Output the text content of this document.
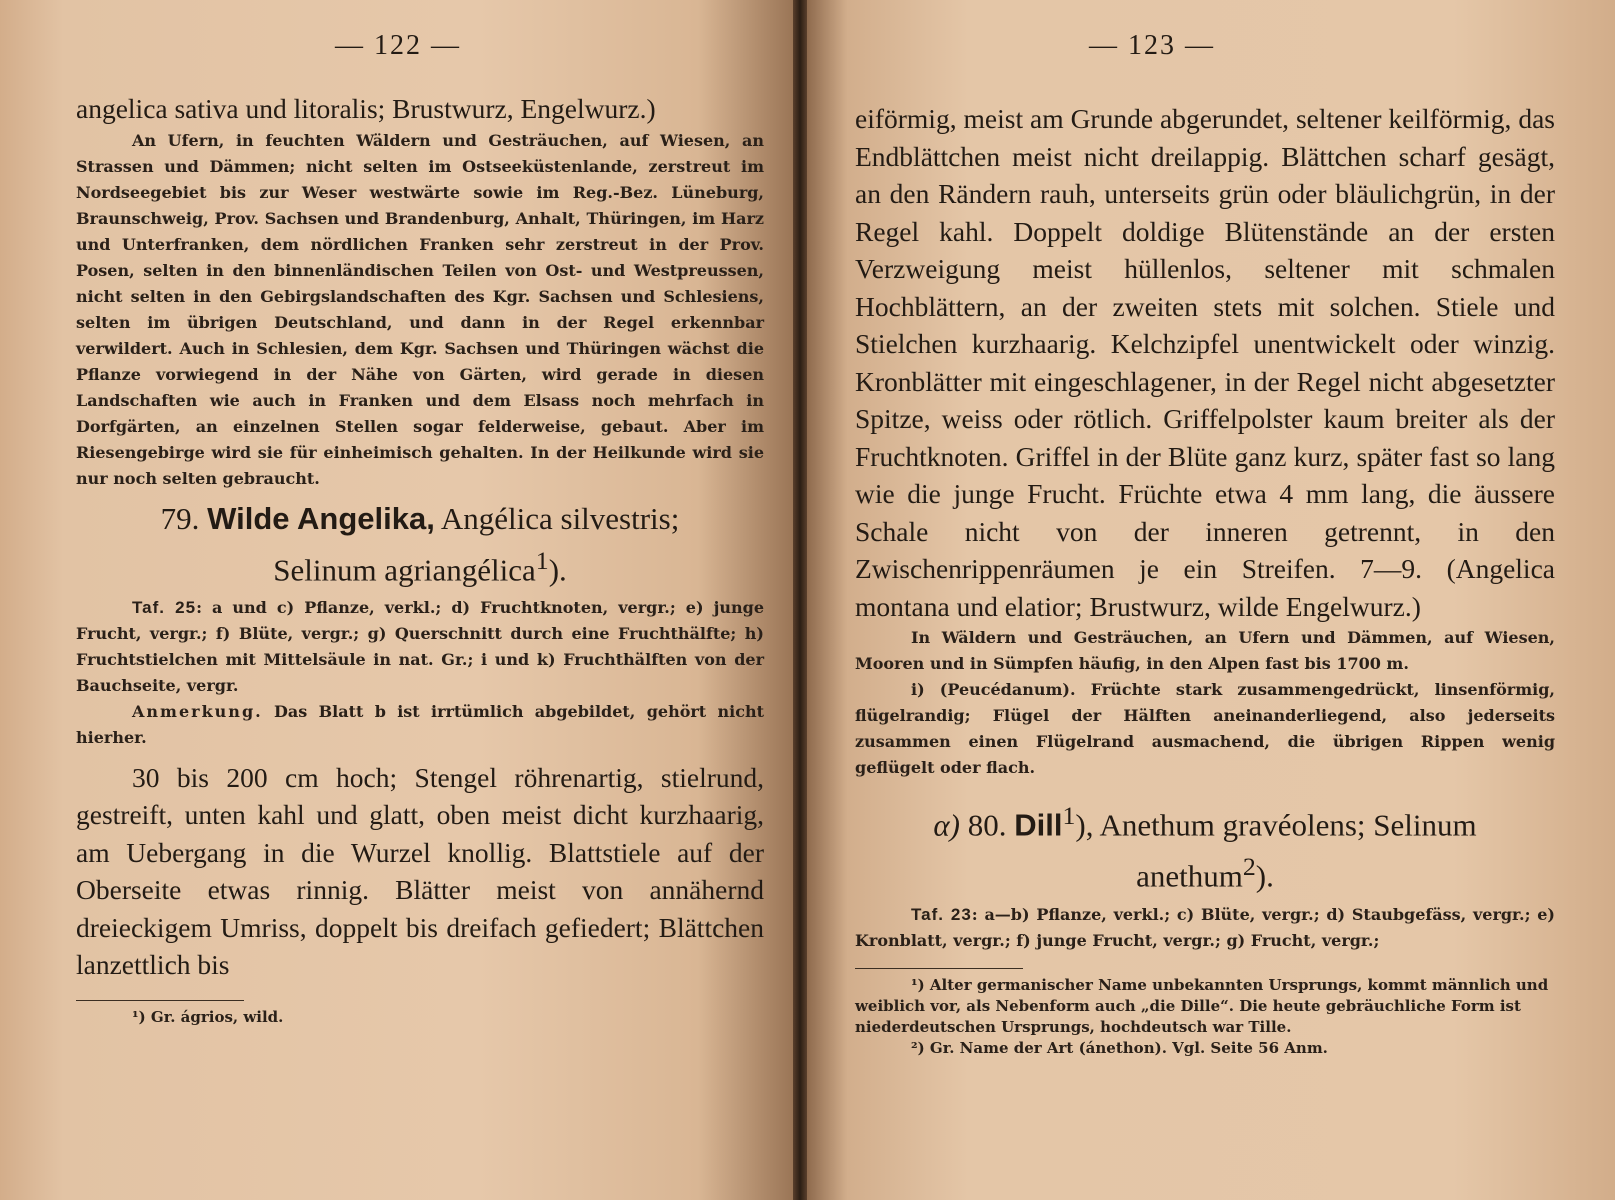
— 122 —

angelica sativa und litoralis; Brustwurz, Engelwurz.)

An Ufern, in feuchten Wäldern und Gesträuchen, auf Wiesen, an Strassen und Dämmen; nicht selten im Ostseeküstenlande, zerstreut im Nordseegebiet bis zur Weser westwärte sowie im Reg.-Bez. Lüneburg, Braunschweig, Prov. Sachsen und Brandenburg, Anhalt, Thüringen, im Harz und Unterfranken, dem nördlichen Franken sehr zerstreut in der Prov. Posen, selten in den binnenländischen Teilen von Ost- und Westpreussen, nicht selten in den Gebirgslandschaften des Kgr. Sachsen und Schlesiens, selten im übrigen Deutschland, und dann in der Regel erkennbar verwildert. Auch in Schlesien, dem Kgr. Sachsen und Thüringen wächst die Pflanze vorwiegend in der Nähe von Gärten, wird gerade in diesen Landschaften wie auch in Franken und dem Elsass noch mehrfach in Dorfgärten, an einzelnen Stellen sogar felderweise, gebaut. Aber im Riesengebirge wird sie für einheimisch gehalten. In der Heilkunde wird sie nur noch selten gebraucht.

79. Wilde Angelika, Angélica silvestris;
Selinum agriangélica$^1$).

Taf. 25: a und c) Pflanze, verkl.; d) Fruchtknoten, vergr.; e) junge Frucht, vergr.; f) Blüte, vergr.; g) Querschnitt durch eine Fruchthälfte; h) Fruchtstielchen mit Mittelsäule in nat. Gr.; i und k) Fruchthälften von der Bauchseite, vergr.

Anmerkung. Das Blatt b ist irrtümlich abgebildet, gehört nicht hierher.

30 bis 200 cm hoch; Stengel röhrenartig, stielrund, gestreift, unten kahl und glatt, oben meist dicht kurzhaarig, am Uebergang in die Wurzel knollig. Blattstiele auf der Oberseite etwas rinnig. Blätter meist von annähernd dreieckigem Umriss, doppelt bis dreifach gefiedert; Blättchen lanzettlich bis

¹) Gr. ágrios, wild.

— 123 —

eiförmig, meist am Grunde abgerundet, seltener keilförmig, das Endblättchen meist nicht dreilappig. Blättchen scharf gesägt, an den Rändern rauh, unterseits grün oder bläulichgrün, in der Regel kahl. Doppelt doldige Blütenstände an der ersten Verzweigung meist hüllenlos, seltener mit schmalen Hochblättern, an der zweiten stets mit solchen. Stiele und Stielchen kurzhaarig. Kelchzipfel unentwickelt oder winzig. Kronblätter mit eingeschlagener, in der Regel nicht abgesetzter Spitze, weiss oder rötlich. Griffelpolster kaum breiter als der Fruchtknoten. Griffel in der Blüte ganz kurz, später fast so lang wie die junge Frucht. Früchte etwa 4 mm lang, die äussere Schale nicht von der inneren getrennt, in den Zwischenrippenräumen je ein Streifen. 7—9. (Angelica montana und elatior; Brustwurz, wilde Engelwurz.)

In Wäldern und Gesträuchen, an Ufern und Dämmen, auf Wiesen, Mooren und in Sümpfen häufig, in den Alpen fast bis 1700 m.

i) (Peucédanum). Früchte stark zusammengedrückt, linsenförmig, flügelrandig; Flügel der Hälften aneinanderliegend, also jederseits zusammen einen Flügelrand ausmachend, die übrigen Rippen wenig geflügelt oder flach.

α) 80. Dill$^1$), Anethum gravéolens; Selinum
anethum$^2$).

Taf. 23: a—b) Pflanze, verkl.; c) Blüte, vergr.; d) Staubgefäss, vergr.; e) Kronblatt, vergr.; f) junge Frucht, vergr.; g) Frucht, vergr.;

¹) Alter germanischer Name unbekannten Ursprungs, kommt männlich und weiblich vor, als Nebenform auch „die Dille“. Die heute gebräuchliche Form ist niederdeutschen Ursprungs, hochdeutsch war Tille.

²) Gr. Name der Art (ánethon). Vgl. Seite 56 Anm.
